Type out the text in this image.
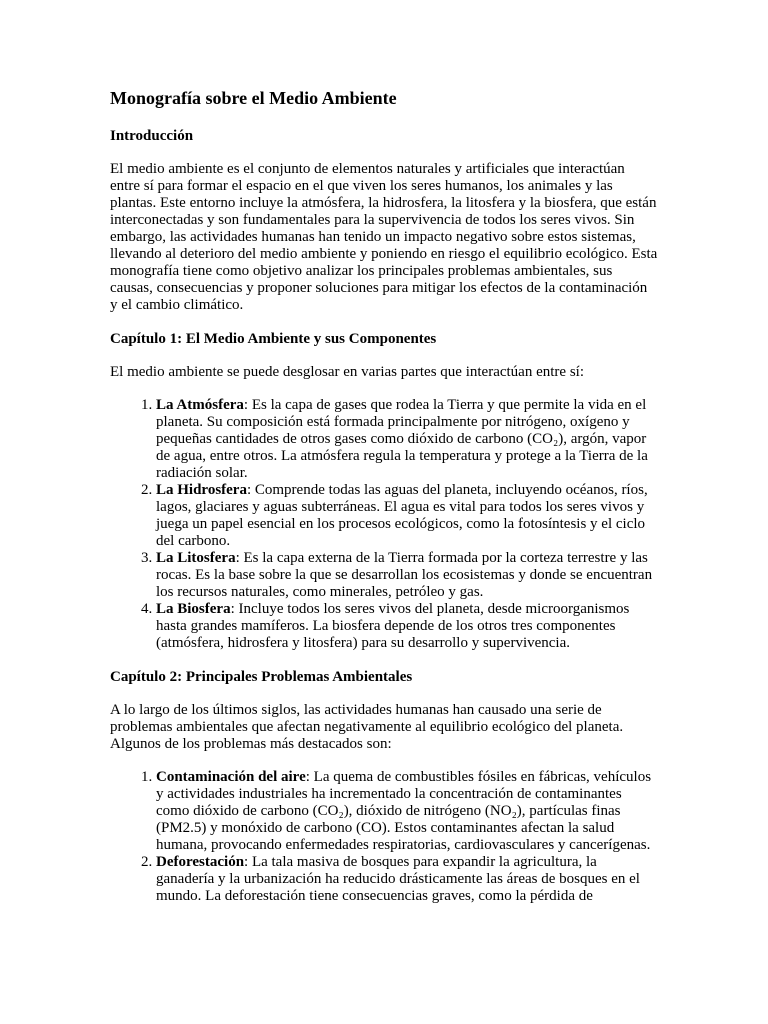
Monografía sobre el Medio Ambiente
Introducción

El medio ambiente es el conjunto de elementos naturales y artificiales que interactúan entre sí para formar el espacio en el que viven los seres humanos, los animales y las plantas. Este entorno incluye la atmósfera, la hidrosfera, la litosfera y la biosfera, que están interconectadas y son fundamentales para la supervivencia de todos los seres vivos. Sin embargo, las actividades humanas han tenido un impacto negativo sobre estos sistemas, llevando al deterioro del medio ambiente y poniendo en riesgo el equilibrio ecológico. Esta monografía tiene como objetivo analizar los principales problemas ambientales, sus causas, consecuencias y proponer soluciones para mitigar los efectos de la contaminación y el cambio climático.

Capítulo 1: El Medio Ambiente y sus Componentes

El medio ambiente se puede desglosar en varias partes que interactúan entre sí:

1. La Atmósfera: Es la capa de gases que rodea la Tierra y que permite la vida en el planeta. Su composición está formada principalmente por nitrógeno, oxígeno y pequeñas cantidades de otros gases como dióxido de carbono (CO₂), argón, vapor de agua, entre otros. La atmósfera regula la temperatura y protege a la Tierra de la radiación solar.
2. La Hidrosfera: Comprende todas las aguas del planeta, incluyendo océanos, ríos, lagos, glaciares y aguas subterráneas. El agua es vital para todos los seres vivos y juega un papel esencial en los procesos ecológicos, como la fotosíntesis y el ciclo del carbono.
3. La Litosfera: Es la capa externa de la Tierra formada por la corteza terrestre y las rocas. Es la base sobre la que se desarrollan los ecosistemas y donde se encuentran los recursos naturales, como minerales, petróleo y gas.
4. La Biosfera: Incluye todos los seres vivos del planeta, desde microorganismos hasta grandes mamíferos. La biosfera depende de los otros tres componentes (atmósfera, hidrosfera y litosfera) para su desarrollo y supervivencia.
Capítulo 2: Principales Problemas Ambientales

A lo largo de los últimos siglos, las actividades humanas han causado una serie de problemas ambientales que afectan negativamente al equilibrio ecológico del planeta. Algunos de los problemas más destacados son:

1. Contaminación del aire: La quema de combustibles fósiles en fábricas, vehículos y actividades industriales ha incrementado la concentración de contaminantes como dióxido de carbono (CO₂), dióxido de nitrógeno (NO₂), partículas finas (PM2.5) y monóxido de carbono (CO). Estos contaminantes afectan la salud humana, provocando enfermedades respiratorias, cardiovasculares y cancerígenas.
2. Deforestación: La tala masiva de bosques para expandir la agricultura, la ganadería y la urbanización ha reducido drásticamente las áreas de bosques en el mundo. La deforestación tiene consecuencias graves, como la pérdida de
